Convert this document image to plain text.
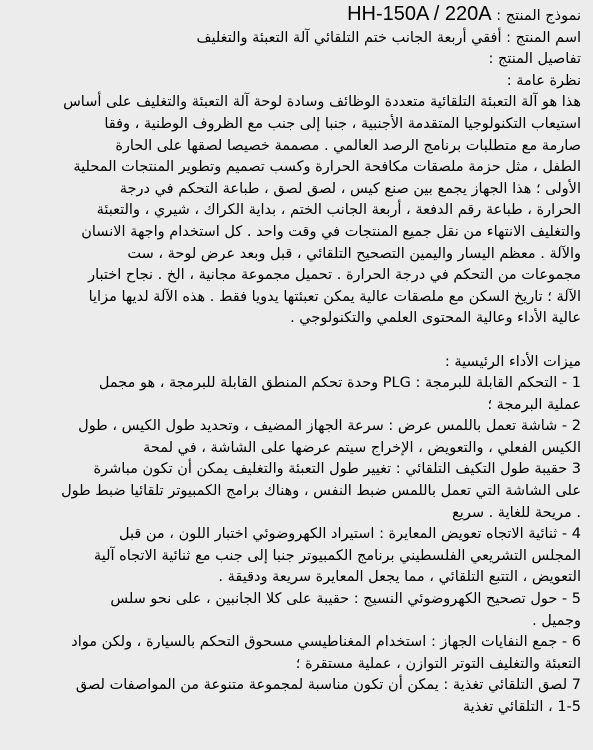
نموذج المنتج : HH-150A / 220A
اسم المنتج : أفقي أربعة الجانب ختم التلقائي آلة التعبئة والتغليف
تفاصيل المنتج :
نظرة عامة :
هذا هو آلة التعبئة التلقائية متعددة الوظائف وسادة لوحة آلة التعبئة والتغليف على أساس
استيعاب التكنولوجيا المتقدمة الأجنبية ، جنبا إلى جنب مع الظروف الوطنية ، وفقا
صارمة مع متطلبات برنامج الرصد العالمي . مصممة خصيصا لصقها على الحارة
الطفل ، مثل حزمة ملصقات مكافحة الحرارة وكسب تصميم وتطوير المنتجات المحلية
الأولى ؛ هذا الجهاز يجمع بين صنع كيس ، لصق لصق ، طباعة التحكم في درجة
الحرارة ، طباعة رقم الدفعة ، أربعة الجانب الختم ، بداية الكراك ، شيري ، والتعبئة
والتغليف الانتهاء من نقل جميع المنتجات في وقت واحد . كل استخدام واجهة الانسان
والآلة . معظم اليسار واليمين التصحيح التلقائي ، قبل وبعد عرض لوحة ، ست
مجموعات من التحكم في درجة الحرارة . تحميل مجموعة مجانية ، الخ . نجاح اختبار
الآلة ؛ تاريخ السكن مع ملصقات عالية يمكن تعبئتها يدويا فقط . هذه الآلة لديها مزايا
عالية الأداء وعالية المحتوى العلمي والتكنولوجي .
ميزات الأداء الرئيسية :
1 - التحكم القابلة للبرمجة : PLG وحدة تحكم المنطق القابلة للبرمجة ، هو مجمل
عملية البرمجة ؛
2 - شاشة تعمل باللمس عرض : سرعة الجهاز المضيف ، وتحديد طول الكيس ، طول
الكيس الفعلي ، والتعويض ، الإخراج سيتم عرضها على الشاشة ، في لمحة
3 حقيبة طول التكيف التلقائي : تغيير طول التعبئة والتغليف يمكن أن تكون مباشرة
على الشاشة التي تعمل باللمس ضبط النفس ، وهناك برامج الكمبيوتر تلقائيا ضبط طول
. مريحة للغاية . سريع
4 - ثنائية الاتجاه تعويض المعايرة : استيراد الكهروضوئي اختبار اللون ، من قبل
المجلس التشريعي الفلسطيني برنامج الكمبيوتر جنبا إلى جنب مع ثنائية الاتجاه آلية
التعويض ، التتبع التلقائي ، مما يجعل المعايرة سريعة ودقيقة .
5 - حول تصحيح الكهروضوئي النسيج : حقيبة على كلا الجانبين ، على نحو سلس
وجميل .
6 - جمع النفايات الجهاز : استخدام المغناطيسي مسحوق التحكم بالسيارة ، ولكن مواد
التعبئة والتغليف التوتر التوازن ، عملية مستقرة ؛
7 لصق التلقائي تغذية : يمكن أن تكون مناسبة لمجموعة متنوعة من المواصفات لصق
1-5 ، التلقائي تغذية
